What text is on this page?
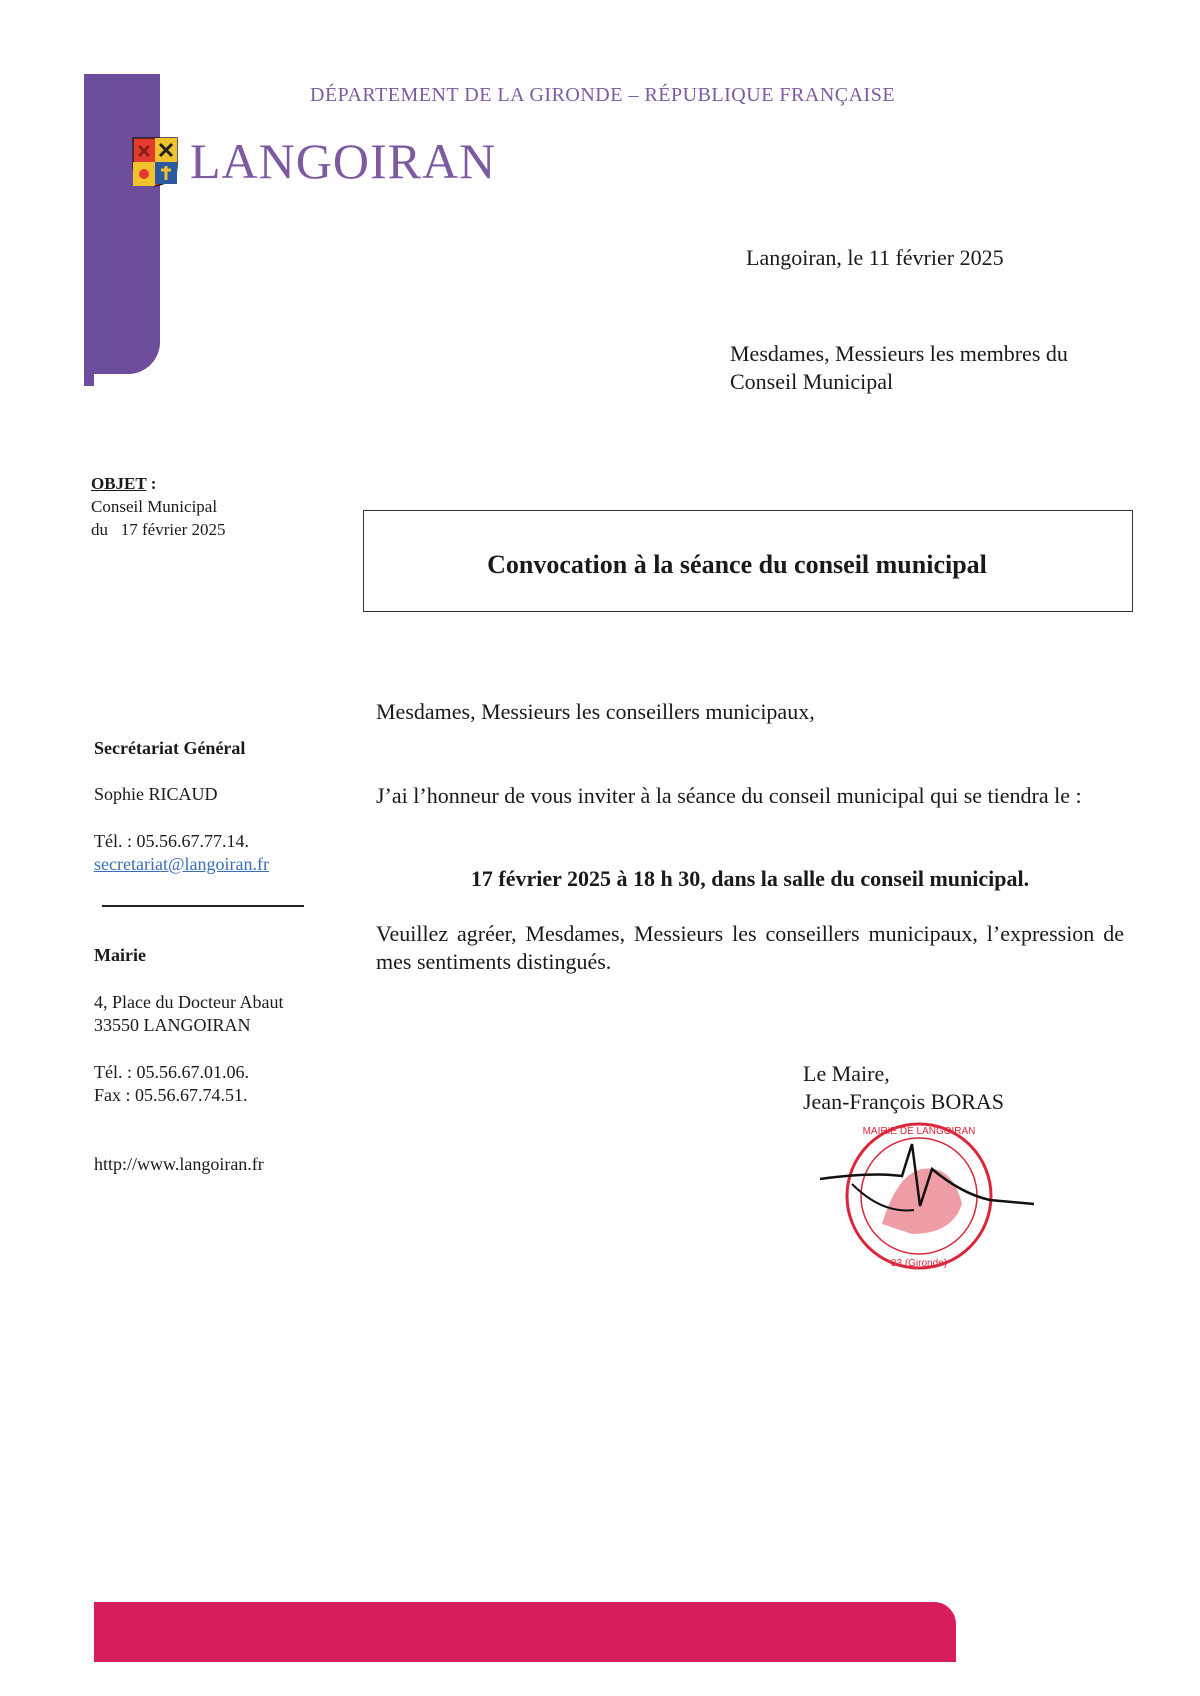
DÉPARTEMENT DE LA GIRONDE – RÉPUBLIQUE FRANÇAISE
LANGOIRAN
Langoiran, le 11 février 2025
Mesdames, Messieurs les membres du
Conseil Municipal
OBJET :
Conseil Municipal
du   17 février 2025
Convocation à la séance du conseil municipal
Secrétariat Général
Sophie RICAUD
Tél. : 05.56.67.77.14.
secretariat@langoiran.fr
Mairie
4, Place du Docteur Abaut
33550 LANGOIRAN
Tél. : 05.56.67.01.06.
Fax : 05.56.67.74.51.
http://www.langoiran.fr
Mesdames, Messieurs les conseillers municipaux,
J’ai l’honneur de vous inviter à la séance du conseil municipal qui se tiendra le :
17 février 2025 à 18 h 30, dans la salle du conseil municipal.
Veuillez agréer, Mesdames, Messieurs les conseillers municipaux, l’expression de mes sentiments distingués.
Le Maire,
Jean-François BORAS
MAIRIE DE LANGOIRAN
33 (Gironde)
